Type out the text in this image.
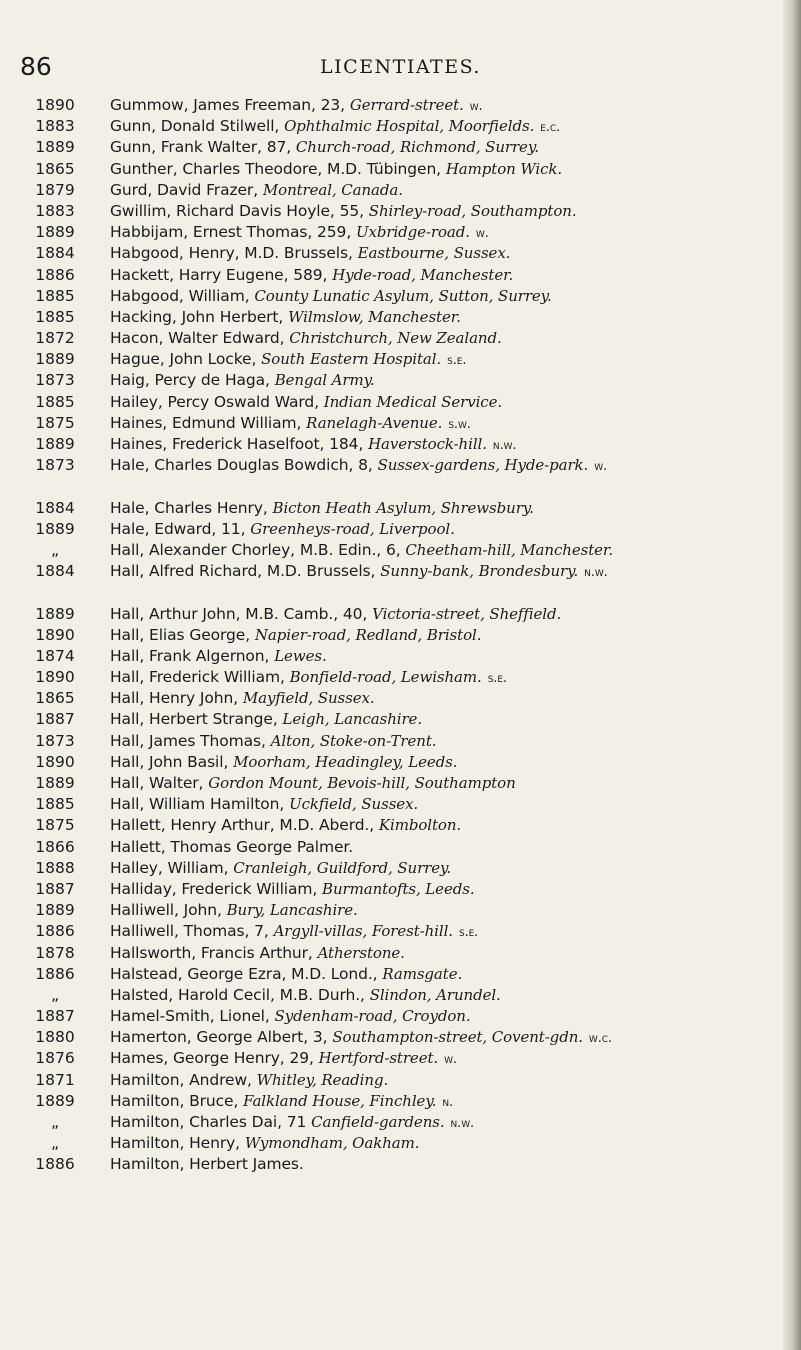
86	LICENTIATES.
1890	Gummow, James Freeman, 23, Gerrard-street. w.
1883	Gunn, Donald Stilwell, Ophthalmic Hospital, Moorfields. e.c.
1889	Gunn, Frank Walter, 87, Church-road, Richmond, Surrey.
1865	Gunther, Charles Theodore, M.D. Tübingen, Hampton Wick.
1879	Gurd, David Frazer, Montreal, Canada.
1883	Gwillim, Richard Davis Hoyle, 55, Shirley-road, Southampton.
1889	Habbijam, Ernest Thomas, 259, Uxbridge-road. w.
1884	Habgood, Henry, M.D. Brussels, Eastbourne, Sussex.
1886	Hackett, Harry Eugene, 589, Hyde-road, Manchester.
1885	Habgood, William, County Lunatic Asylum, Sutton, Surrey.
1885	Hacking, John Herbert, Wilmslow, Manchester.
1872	Hacon, Walter Edward, Christchurch, New Zealand.
1889	Hague, John Locke, South Eastern Hospital. s.e.
1873	Haig, Percy de Haga, Bengal Army.
1885	Hailey, Percy Oswald Ward, Indian Medical Service.
1875	Haines, Edmund William, Ranelagh-Avenue. s.w.
1889	Haines, Frederick Haselfoot, 184, Haverstock-hill. n.w.
1873	Hale, Charles Douglas Bowdich, 8, Sussex-gardens, Hyde-park. w.
1884	Hale, Charles Henry, Bicton Heath Asylum, Shrewsbury.
1889	Hale, Edward, 11, Greenheys-road, Liverpool.
„	Hall, Alexander Chorley, M.B. Edin., 6, Cheetham-hill, Manchester.
1884	Hall, Alfred Richard, M.D. Brussels, Sunny-bank, Brondesbury. n.w.
1889	Hall, Arthur John, M.B. Camb., 40, Victoria-street, Sheffield.
1890	Hall, Elias George, Napier-road, Redland, Bristol.
1874	Hall, Frank Algernon, Lewes.
1890	Hall, Frederick William, Bonfield-road, Lewisham. s.e.
1865	Hall, Henry John, Mayfield, Sussex.
1887	Hall, Herbert Strange, Leigh, Lancashire.
1873	Hall, James Thomas, Alton, Stoke-on-Trent.
1890	Hall, John Basil, Moorham, Headingley, Leeds.
1889	Hall, Walter, Gordon Mount, Bevois-hill, Southampton
1885	Hall, William Hamilton, Uckfield, Sussex.
1875	Hallett, Henry Arthur, M.D. Aberd., Kimbolton.
1866	Hallett, Thomas George Palmer.
1888	Halley, William, Cranleigh, Guildford, Surrey.
1887	Halliday, Frederick William, Burmantofts, Leeds.
1889	Halliwell, John, Bury, Lancashire.
1886	Halliwell, Thomas, 7, Argyll-villas, Forest-hill. s.e.
1878	Hallsworth, Francis Arthur, Atherstone.
1886	Halstead, George Ezra, M.D. Lond., Ramsgate.
„	Halsted, Harold Cecil, M.B. Durh., Slindon, Arundel.
1887	Hamel-Smith, Lionel, Sydenham-road, Croydon.
1880	Hamerton, George Albert, 3, Southampton-street, Covent-gdn. w.c.
1876	Hames, George Henry, 29, Hertford-street. w.
1871	Hamilton, Andrew, Whitley, Reading.
1889	Hamilton, Bruce, Falkland House, Finchley. n.
„	Hamilton, Charles Dai, 71 Canfield-gardens. n.w.
„	Hamilton, Henry, Wymondham, Oakham.
1886	Hamilton, Herbert James.
